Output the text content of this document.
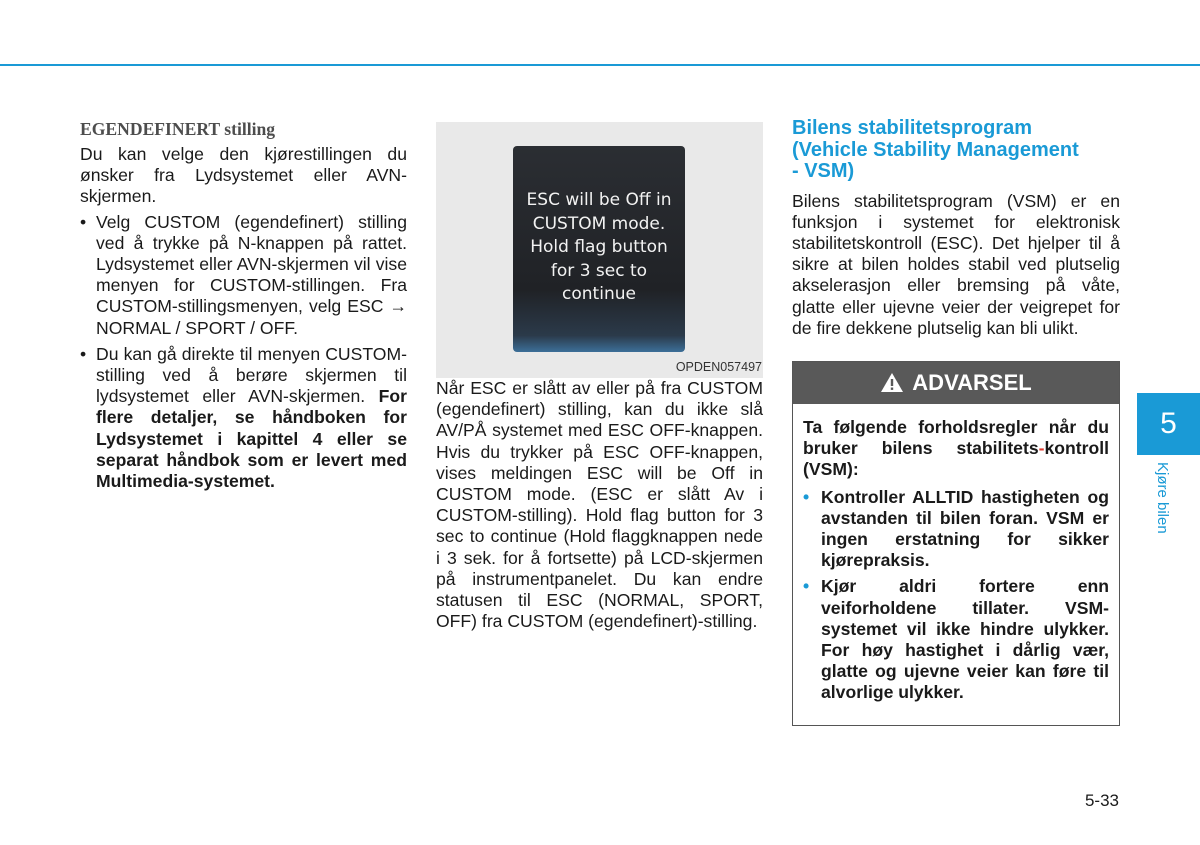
EGENDEFINERT stilling

Du kan velge den kjørestillingen du ønsker fra Lydsystemet eller AVN-skjermen.

• Velg CUSTOM (egendefinert) stilling ved å trykke på N-knappen på rattet. Lydsystemet eller AVN-skjermen vil vise menyen for CUSTOM-stillingen. Fra CUSTOM-stillingsmenyen, velg ESC → NORMAL / SPORT / OFF.
• Du kan gå direkte til menyen CUSTOM-stilling ved å berøre skjermen til lydsystemet eller AVN-skjermen. For flere detaljer, se håndboken for Lydsystemet i kapittel 4 eller se separat håndbok som er levert med Multimedia-systemet.
ESC will be Off in
CUSTOM mode.
Hold flag button
for 3 sec to
continue
OPDEN057497

Når ESC er slått av eller på fra CUSTOM (egendefinert) stilling, kan du ikke slå AV/PÅ systemet med ESC OFF-knappen. Hvis du trykker på ESC OFF-knappen, vises meldingen ESC will be Off in CUSTOM mode. (ESC er slått Av i CUSTOM-stilling). Hold flag button for 3 sec to continue (Hold flaggknappen nede i 3 sek. for å fortsette) på LCD-skjermen på instrumentpanelet. Du kan endre statusen til ESC (NORMAL, SPORT, OFF) fra CUSTOM (egendefinert)-stilling.

Bilens stabilitetsprogram
(Vehicle Stability Management
- VSM)

Bilens stabilitetsprogram (VSM) er en funksjon i systemet for elektronisk stabilitetskontroll (ESC). Det hjelper til å sikre at bilen holdes stabil ved plutselig akselerasjon eller bremsing på våte, glatte eller ujevne veier der veigrepet for de fire dekkene plutselig kan bli ulikt.

ADVARSEL

Ta følgende forholdsregler når du bruker bilens stabilitets-kontroll (VSM):

• Kontroller ALLTID hastigheten og avstanden til bilen foran. VSM er ingen erstatning for sikker kjørepraksis.
• Kjør aldri fortere enn veiforholdene tillater. VSM-systemet vil ikke hindre ulykker. For høy hastighet i dårlig vær, glatte og ujevne veier kan føre til alvorlige ulykker.
5
Kjøre bilen
5-33
